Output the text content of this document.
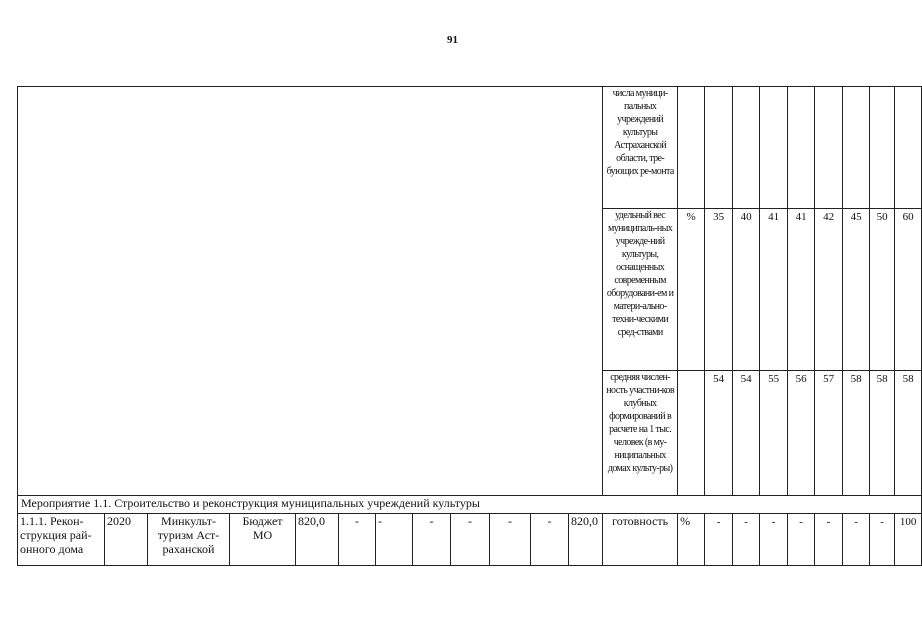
91
												числа муници-пальных учреждений культуры Астраханской области, тре-бующих ре-монта									
												удельный вес муниципаль-ных учрежде-ний культуры, оснащенных современным оборудовани-ем и матери-ально-техни-ческими сред-ствами	%	35	40	41	41	42	45	50	60
												средняя числен-ность участни-ков клубных формирований в расчете на 1 тыс. человек (в му-ниципальных домах культу-ры)		54	54	55	56	57	58	58	58
Мероприятие 1.1. Строительство и реконструкция муниципальных учреждений культуры																					
1.1.1. Рекон-струкция рай-онного дома	2020	Минкульт-туризм Аст-раханской	Бюджет МО	820,0	-	-	-	-	-	-	820,0	готовность	%	-	-	-	-	-	-	-	100
